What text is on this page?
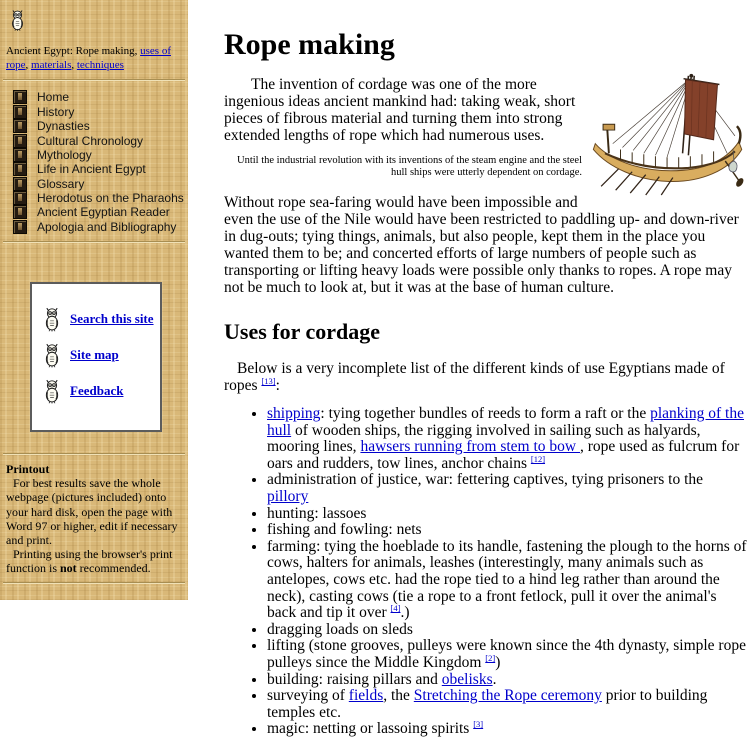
Ancient Egypt: Rope making, uses of rope, materials, techniques
Home
History
Dynasties
Cultural Chronology
Mythology
Life in Ancient Egypt
Glossary
Herodotus on the Pharaohs
Ancient Egyptian Reader
Apologia and Bibliography
Search this site
Site map
Feedback
Printout

For best results save the whole webpage (pictures included) onto your hard disk, open the page with Word 97 or higher, edit if necessary and print.

Printing using the browser's print function is not recommended.

Rope making

The invention of cordage was one of the more ingenious ideas ancient mankind had: taking weak, short pieces of fibrous material and turning them into strong extended lengths of rope which had numerous uses.

Until the industrial revolution with its inventions of the steam engine and the steel hull ships were utterly dependent on cordage.

Without rope sea-faring would have been impossible and even the use of the Nile would have been restricted to paddling up- and down-river in dug-outs; tying things, animals, but also people, kept them in the place you wanted them to be; and concerted efforts of large numbers of people such as transporting or lifting heavy loads were possible only thanks to ropes. A rope may not be much to look at, but it was at the base of human culture.

Uses for cordage

Below is a very incomplete list of the different kinds of use Egyptians made of ropes [13]:

• shipping: tying together bundles of reeds to form a raft or the planking of the hull of wooden ships, the rigging involved in sailing such as halyards, mooring lines, hawsers running from stem to bow , rope used as fulcrum for oars and rudders, tow lines, anchor chains [12]
• administration of justice, war: fettering captives, tying prisoners to the pillory
• hunting: lassoes
• fishing and fowling: nets
• farming: tying the hoeblade to its handle, fastening the plough to the horns of cows, halters for animals, leashes (interestingly, many animals such as antelopes, cows etc. had the rope tied to a hind leg rather than around the neck), casting cows (tie a rope to a front fetlock, pull it over the animal's back and tip it over [4].)
• dragging loads on sleds
• lifting (stone grooves, pulleys were known since the 4th dynasty, simple rope pulleys since the Middle Kingdom [2])
• building: raising pillars and obelisks.
• surveying of fields, the Stretching the Rope ceremony prior to building temples etc.
• magic: netting or lassoing spirits [3]
